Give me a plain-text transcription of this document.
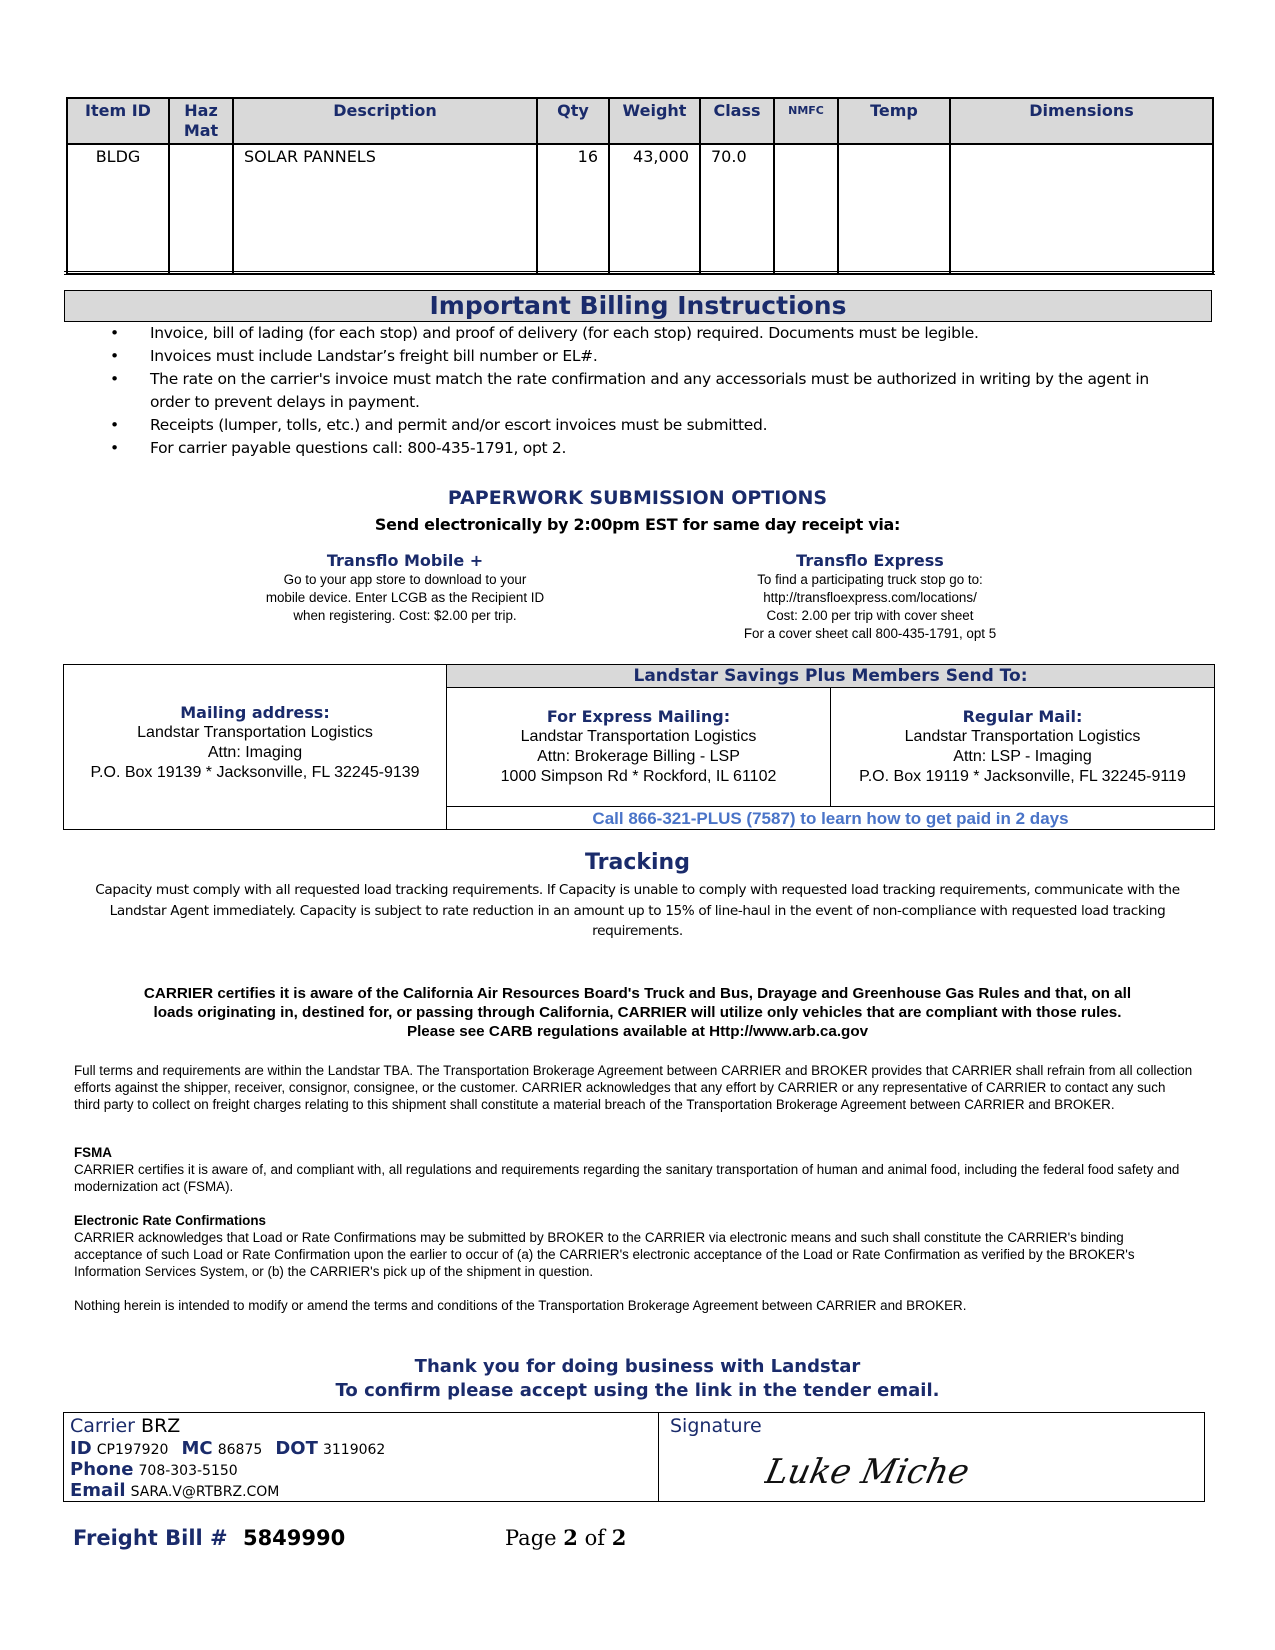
Item ID	Haz Mat	Description	Qty	Weight	Class	NMFC	Temp	Dimensions
BLDG		SOLAR PANNELS	16	43,000	70.0			
Important Billing Instructions
• Invoice, bill of lading (for each stop) and proof of delivery (for each stop) required. Documents must be legible.
• Invoices must include Landstar’s freight bill number or EL#.
• The rate on the carrier's invoice must match the rate confirmation and any accessorials must be authorized in writing by the agent in order to prevent delays in payment.
• Receipts (lumper, tolls, etc.) and permit and/or escort invoices must be submitted.
• For carrier payable questions call: 800-435-1791, opt 2.
PAPERWORK SUBMISSION OPTIONS
Send electronically by 2:00pm EST for same day receipt via:
Transflo Mobile +
Go to your app store to download to your
mobile device. Enter LCGB as the Recipient ID
when registering. Cost: $2.00 per trip.
Transflo Express
To find a participating truck stop go to:
http://transfloexpress.com/locations/
Cost: 2.00 per trip with cover sheet
For a cover sheet call 800-435-1791, opt 5
Mailing address:
Landstar Transportation Logistics
Attn: Imaging
P.O. Box 19139 * Jacksonville, FL 32245-9139
Landstar Savings Plus Members Send To:
For Express Mailing:
Landstar Transportation Logistics
Attn: Brokerage Billing - LSP
1000 Simpson Rd * Rockford, IL 61102
Regular Mail:
Landstar Transportation Logistics
Attn: LSP - Imaging
P.O. Box 19119 * Jacksonville, FL 32245-9119
Call 866-321-PLUS (7587) to learn how to get paid in 2 days
Tracking
Capacity must comply with all requested load tracking requirements. If Capacity is unable to comply with requested load tracking requirements, communicate with the Landstar Agent immediately. Capacity is subject to rate reduction in an amount up to 15% of line-haul in the event of non-compliance with requested load tracking requirements.
CARRIER certifies it is aware of the California Air Resources Board's Truck and Bus, Drayage and Greenhouse Gas Rules and that, on all
loads originating in, destined for, or passing through California, CARRIER will utilize only vehicles that are compliant with those rules.
Please see CARB regulations available at Http://www.arb.ca.gov
Full terms and requirements are within the Landstar TBA. The Transportation Brokerage Agreement between CARRIER and BROKER provides that CARRIER shall refrain from all collection efforts against the shipper, receiver, consignor, consignee, or the customer. CARRIER acknowledges that any effort by CARRIER or any representative of CARRIER to contact any such third party to collect on freight charges relating to this shipment shall constitute a material breach of the Transportation Brokerage Agreement between CARRIER and BROKER.
FSMA
CARRIER certifies it is aware of, and compliant with, all regulations and requirements regarding the sanitary transportation of human and animal food, including the federal food safety and modernization act (FSMA).
Electronic Rate Confirmations
CARRIER acknowledges that Load or Rate Confirmations may be submitted by BROKER to the CARRIER via electronic means and such shall constitute the CARRIER's binding acceptance of such Load or Rate Confirmation upon the earlier to occur of (a) the CARRIER's electronic acceptance of the Load or Rate Confirmation as verified by the BROKER's Information Services System, or (b) the CARRIER's pick up of the shipment in question.
Nothing herein is intended to modify or amend the terms and conditions of the Transportation Brokerage Agreement between CARRIER and BROKER.
Thank you for doing business with Landstar
To confirm please accept using the link in the tender email.
Carrier BRZ
ID CP197920 MC 86875 DOT 3119062
Phone 708-303-5150
Email SARA.V@RTBRZ.COM
Signature
Luke Miche
Freight Bill # 5849990	Page 2 of 2
